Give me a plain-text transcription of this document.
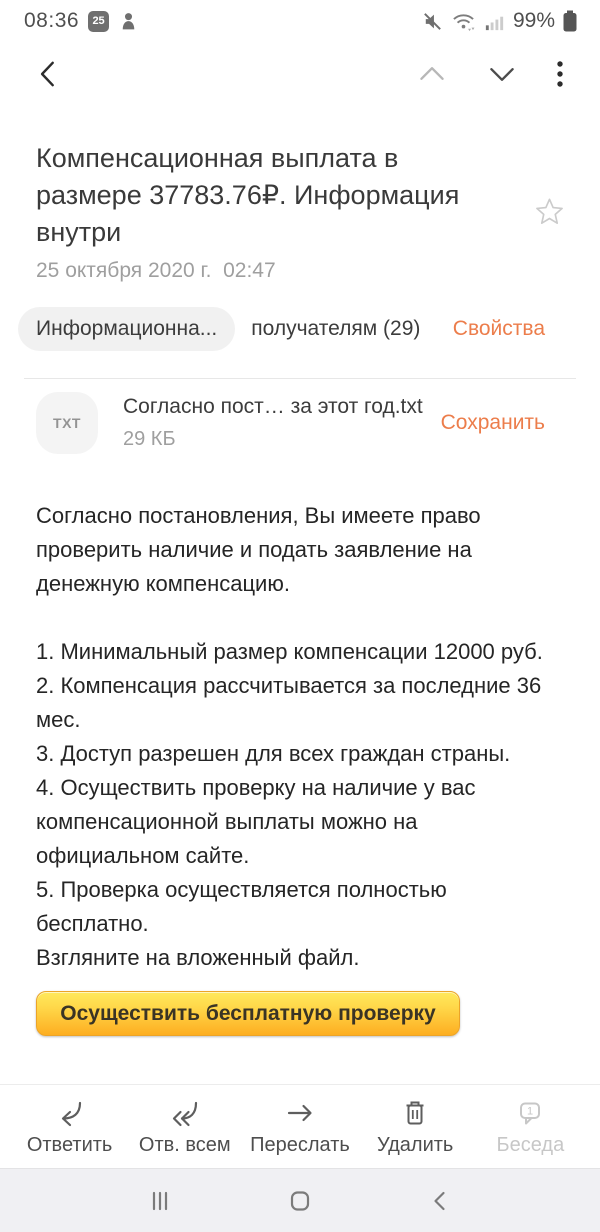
08:36	25	99%
Компенсационная выплата в размере 37783.76₽. Информация внутри
25 октября 2020 г.  02:47
Информационна...	получателям (29) Свойства
TXT
Согласно пост… за этот год.txt
29 КБ
Сохранить

Согласно постановления, Вы имеете право проверить наличие и подать заявление на денежную компенсацию.

1. Минимальный размер компенсации 12000 руб.

2. Компенсация рассчитывается за последние 36 мес.

3. Доступ разрешен для всех граждан страны.

4. Осуществить проверку на наличие у вас компенсационной выплаты можно на официальном сайте.

5. Проверка осуществляется полностью бесплатно.

Взгляните на вложенный файл.

Осуществить бесплатную проверку
Ответить Отв. всем Переслать Удалить
1
Беседа
